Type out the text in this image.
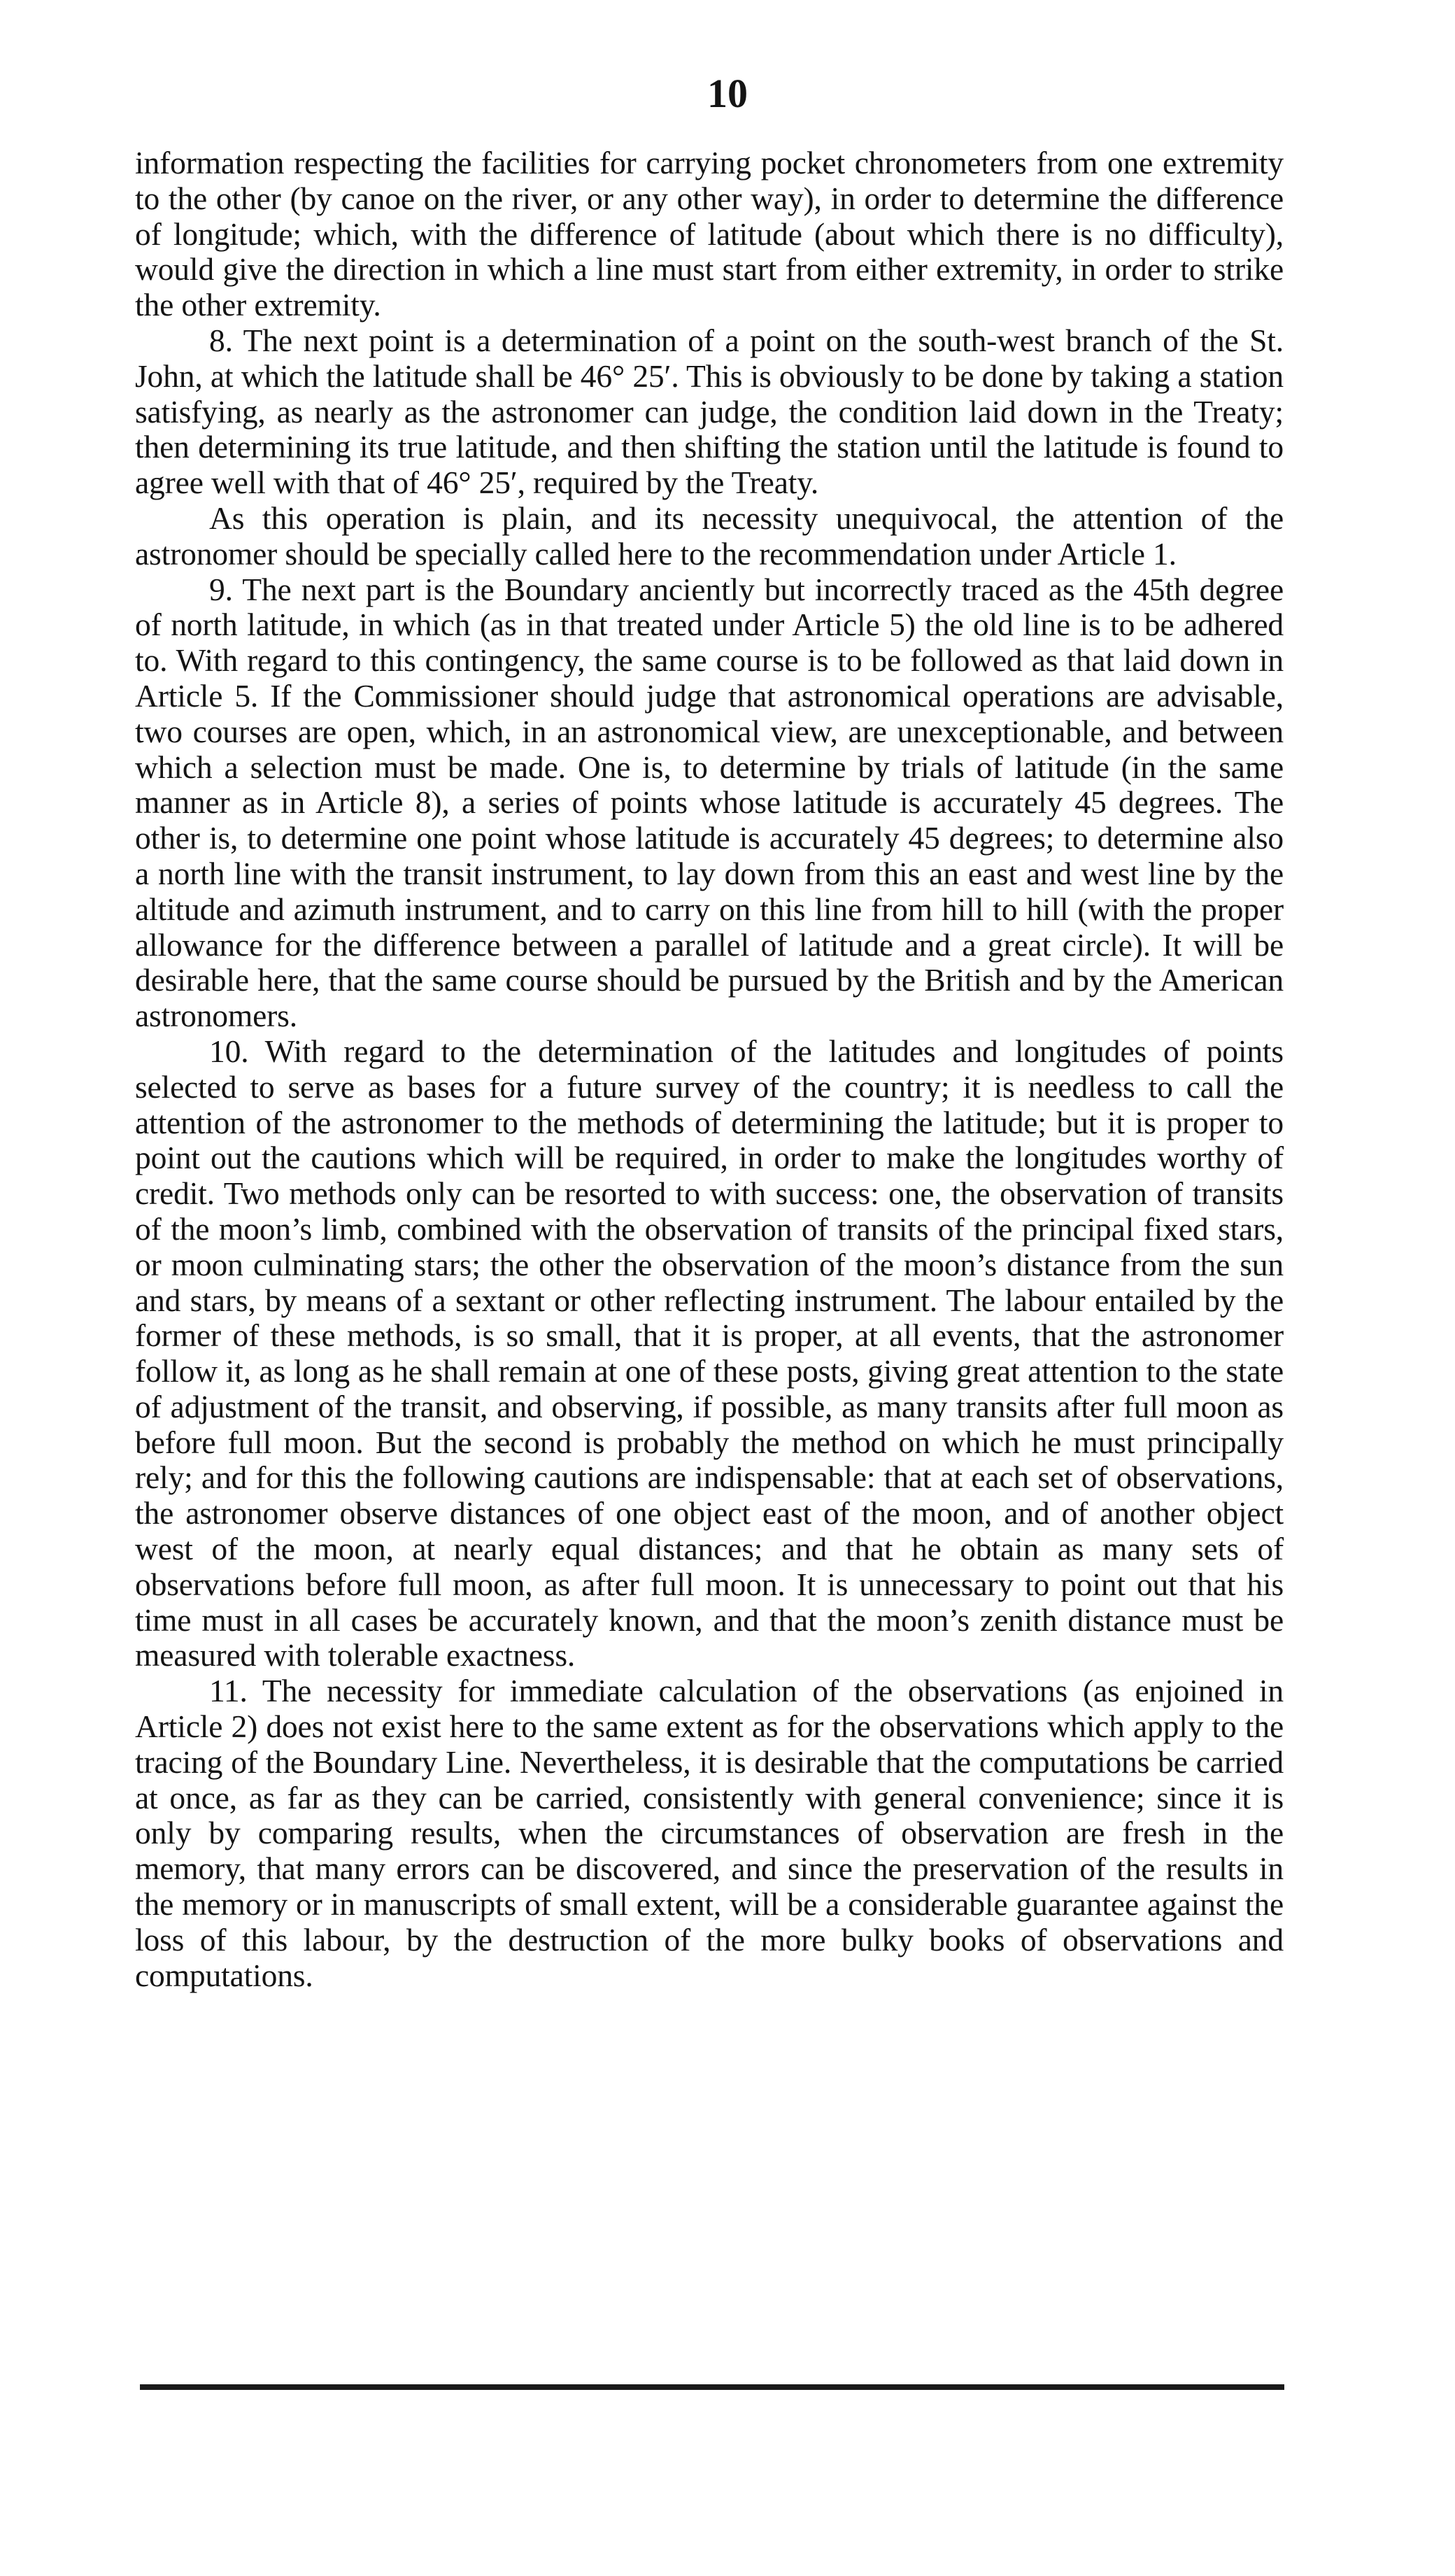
10

information respecting the facilities for carrying pocket chronometers from one extremity to the other (by canoe on the river, or any other way), in order to determine the difference of longitude; which, with the difference of latitude (about which there is no difficulty), would give the direction in which a line must start from either extremity, in order to strike the other extremity.

8. The next point is a determination of a point on the south-west branch of the St. John, at which the latitude shall be 46° 25′. This is obviously to be done by taking a station satisfying, as nearly as the astronomer can judge, the condition laid down in the Treaty; then determining its true latitude, and then shifting the station until the latitude is found to agree well with that of 46° 25′, required by the Treaty.

As this operation is plain, and its necessity unequivocal, the attention of the astronomer should be specially called here to the recommendation under Article 1.

9. The next part is the Boundary anciently but incorrectly traced as the 45th degree of north latitude, in which (as in that treated under Article 5) the old line is to be adhered to. With regard to this contingency, the same course is to be followed as that laid down in Article 5. If the Commissioner should judge that astronomical operations are advisable, two courses are open, which, in an astronomical view, are unexceptionable, and between which a selection must be made. One is, to determine by trials of latitude (in the same manner as in Article 8), a series of points whose latitude is accurately 45 degrees. The other is, to determine one point whose latitude is accurately 45 degrees; to determine also a north line with the transit instrument, to lay down from this an east and west line by the altitude and azimuth instrument, and to carry on this line from hill to hill (with the proper allowance for the difference between a parallel of latitude and a great circle). It will be desirable here, that the same course should be pursued by the British and by the American astronomers.

10. With regard to the determination of the latitudes and longitudes of points selected to serve as bases for a future survey of the country; it is needless to call the attention of the astronomer to the methods of determining the latitude; but it is proper to point out the cautions which will be required, in order to make the longitudes worthy of credit. Two methods only can be resorted to with success: one, the observation of transits of the moon’s limb, combined with the observation of transits of the principal fixed stars, or moon culminating stars; the other the observation of the moon’s distance from the sun and stars, by means of a sextant or other reflecting instrument. The labour entailed by the former of these methods, is so small, that it is proper, at all events, that the astronomer follow it, as long as he shall remain at one of these posts, giving great attention to the state of adjustment of the transit, and observing, if possible, as many transits after full moon as before full moon. But the second is probably the method on which he must principally rely; and for this the following cautions are indispensable: that at each set of observations, the astronomer observe distances of one object east of the moon, and of another object west of the moon, at nearly equal distances; and that he obtain as many sets of observations before full moon, as after full moon. It is unnecessary to point out that his time must in all cases be accurately known, and that the moon’s zenith distance must be measured with tolerable exactness.

11. The necessity for immediate calculation of the observations (as enjoined in Article 2) does not exist here to the same extent as for the observations which apply to the tracing of the Boundary Line. Nevertheless, it is desirable that the computations be carried at once, as far as they can be carried, consistently with general convenience; since it is only by comparing results, when the circumstances of observation are fresh in the memory, that many errors can be discovered, and since the preservation of the results in the memory or in manuscripts of small extent, will be a considerable guarantee against the loss of this labour, by the destruction of the more bulky books of observations and computations.
